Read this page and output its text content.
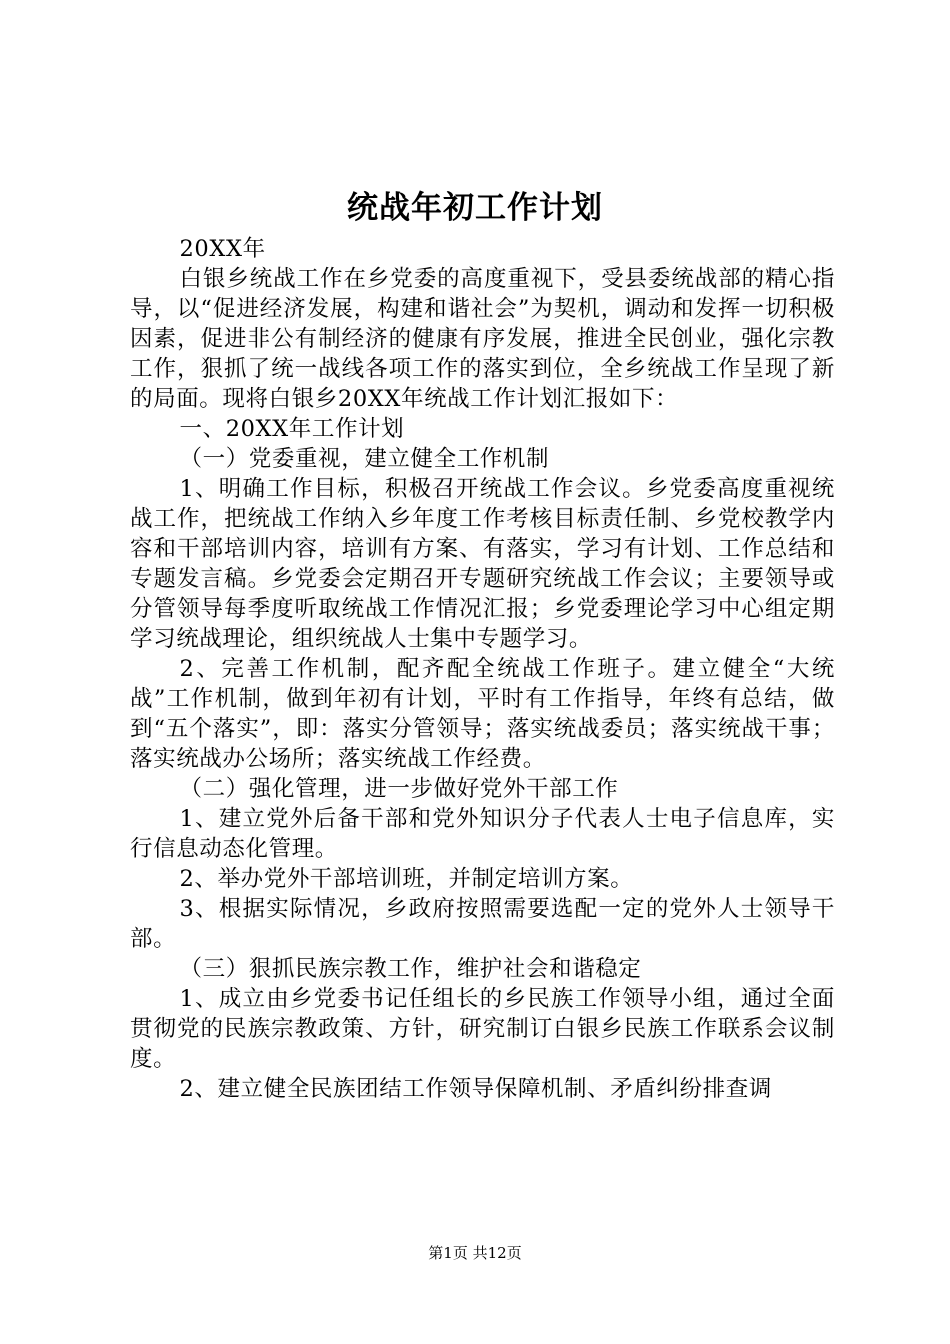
统战年初工作计划

20XX年

白银乡统战工作在乡党委的高度重视下，受县委统战部的精心指导，以“促进经济发展，构建和谐社会”为契机，调动和发挥一切积极因素，促进非公有制经济的健康有序发展，推进全民创业，强化宗教工作，狠抓了统一战线各项工作的落实到位，全乡统战工作呈现了新的局面。现将白银乡20XX年统战工作计划汇报如下：

一、20XX年工作计划

（一）党委重视，建立健全工作机制

1、明确工作目标，积极召开统战工作会议。乡党委高度重视统战工作，把统战工作纳入乡年度工作考核目标责任制、乡党校教学内容和干部培训内容，培训有方案、有落实，学习有计划、工作总结和专题发言稿。乡党委会定期召开专题研究统战工作会议；主要领导或分管领导每季度听取统战工作情况汇报；乡党委理论学习中心组定期学习统战理论，组织统战人士集中专题学习。

2、完善工作机制，配齐配全统战工作班子。建立健全“大统战”工作机制，做到年初有计划，平时有工作指导，年终有总结，做到“五个落实”，即：落实分管领导；落实统战委员；落实统战干事；落实统战办公场所；落实统战工作经费。

（二）强化管理，进一步做好党外干部工作

1、建立党外后备干部和党外知识分子代表人士电子信息库，实行信息动态化管理。

2、举办党外干部培训班，并制定培训方案。

3、根据实际情况，乡政府按照需要选配一定的党外人士领导干部。

（三）狠抓民族宗教工作，维护社会和谐稳定

1、成立由乡党委书记任组长的乡民族工作领导小组，通过全面贯彻党的民族宗教政策、方针，研究制订白银乡民族工作联系会议制度。

2、建立健全民族团结工作领导保障机制、矛盾纠纷排查调

第1页 共12页
